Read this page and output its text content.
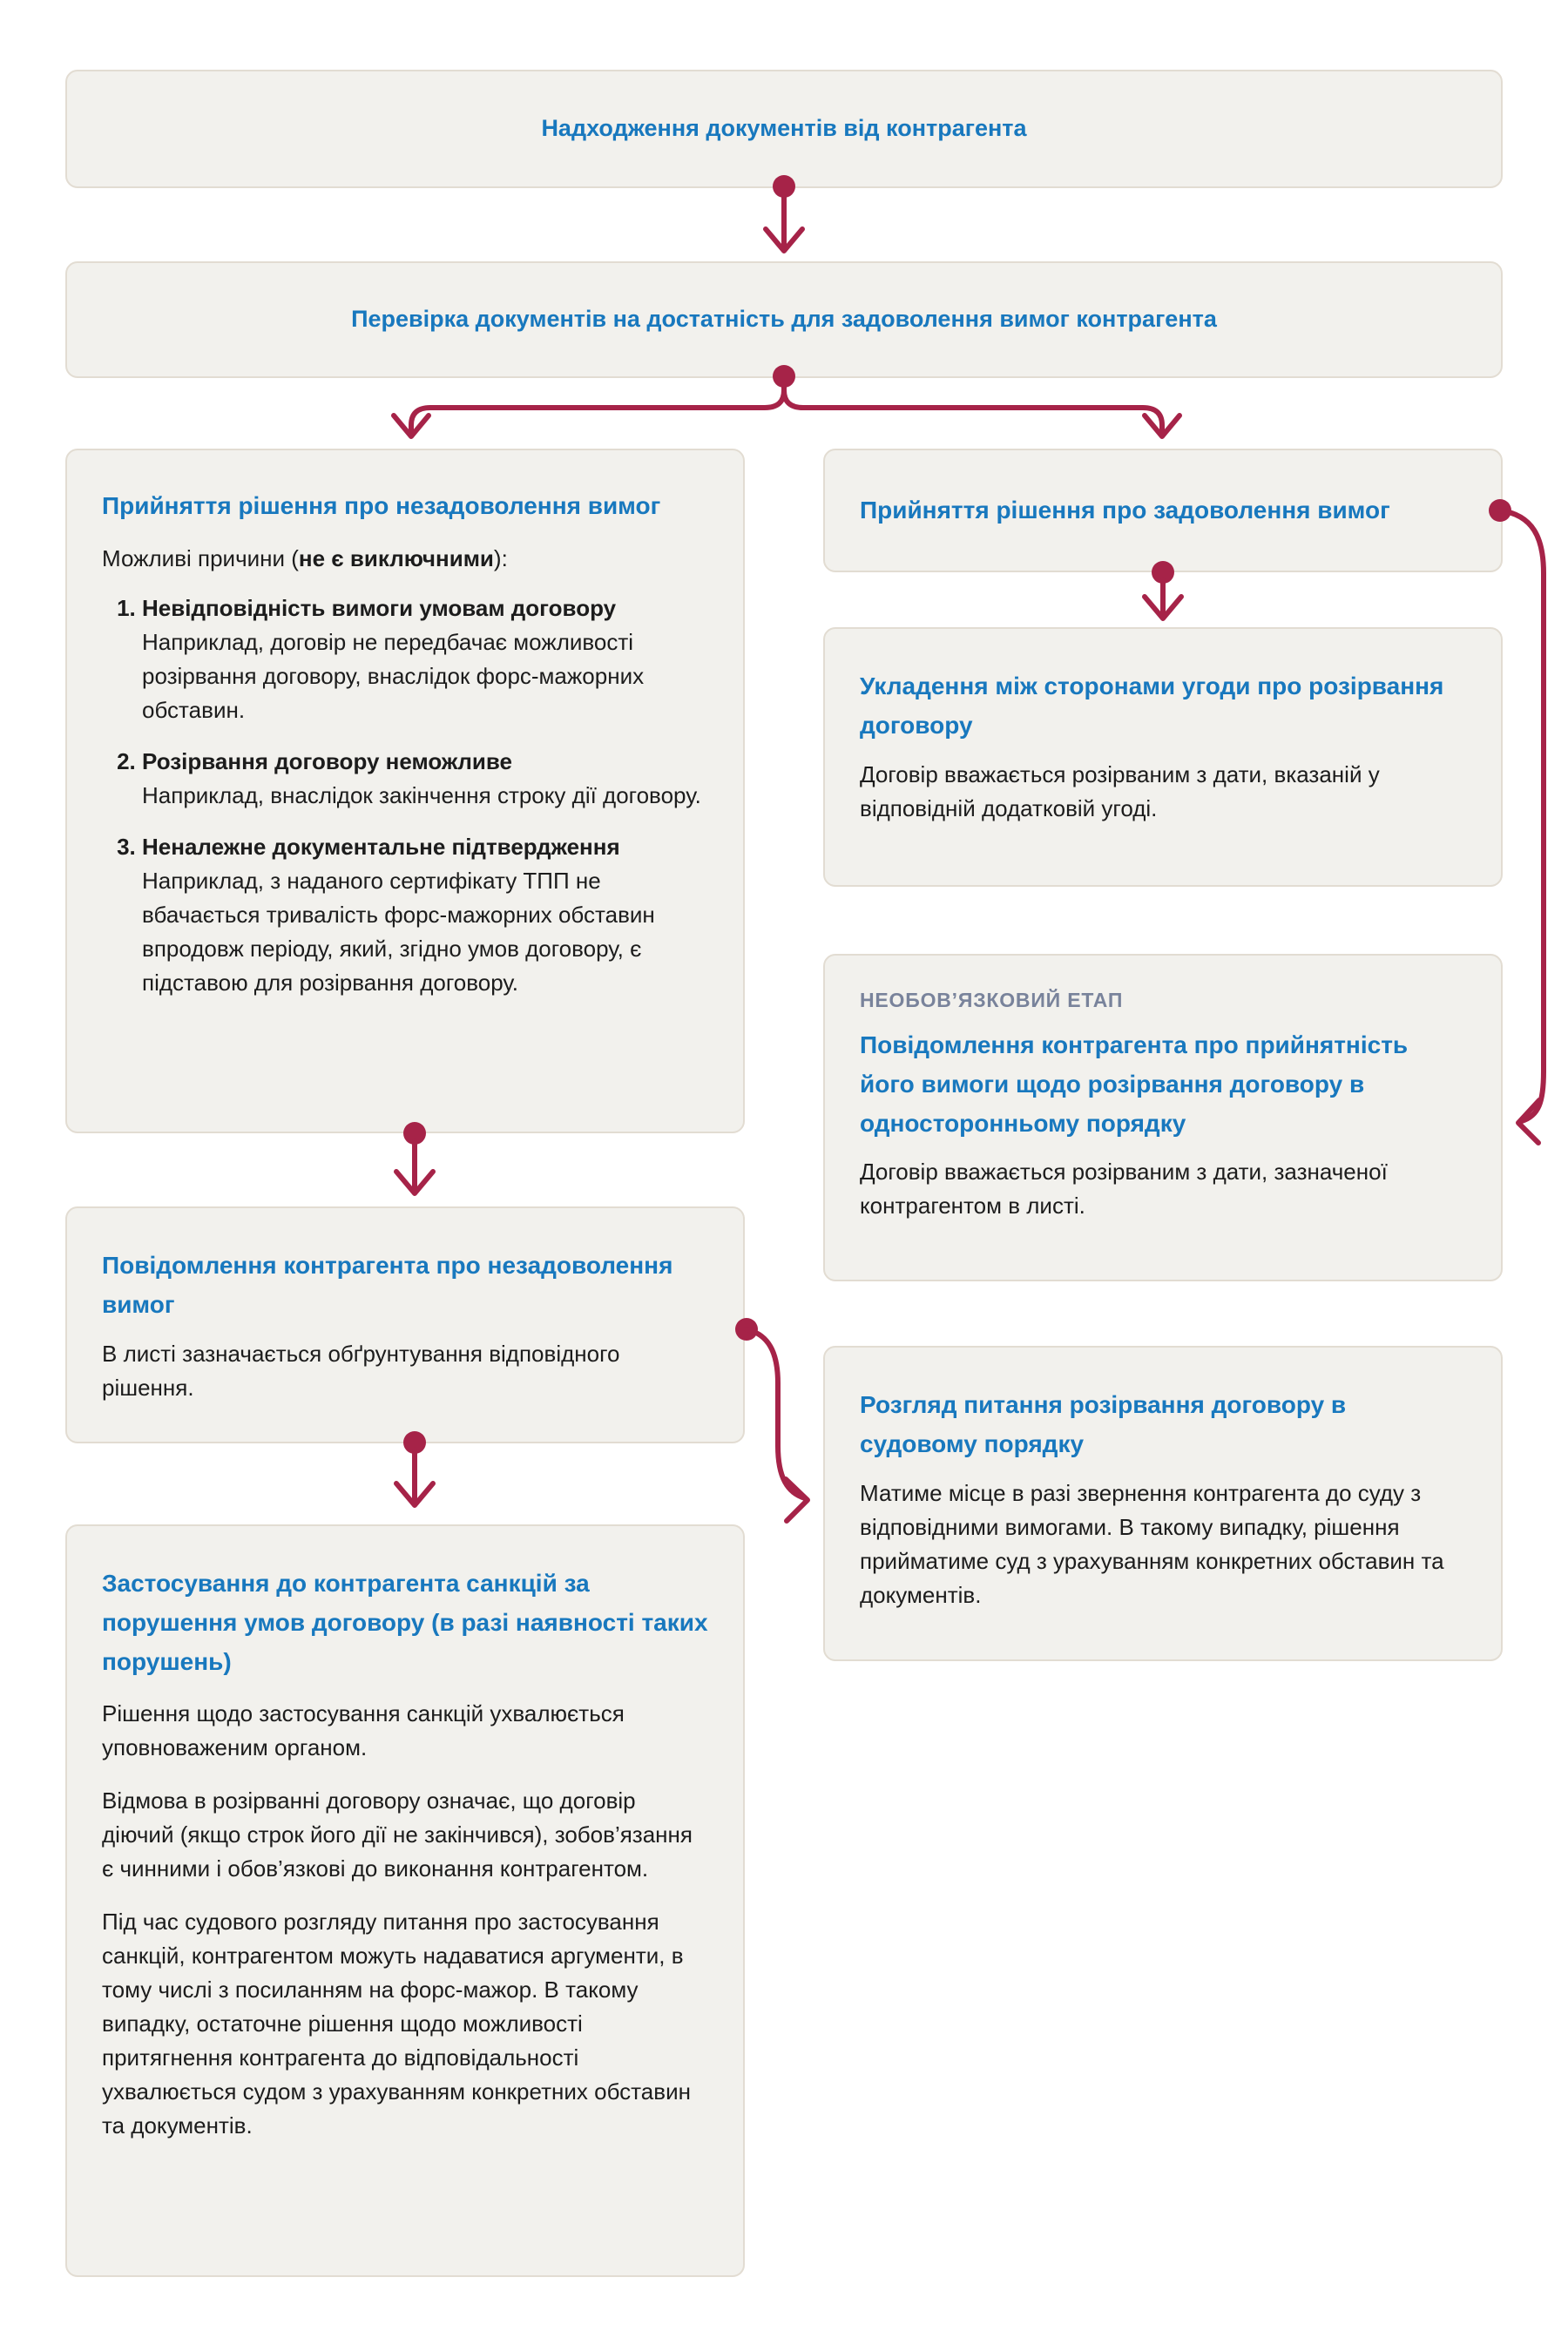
Надходження документів від контрагента
Перевірка документів на достатність для задоволення вимог контрагента
Прийняття рішення про незадоволення вимог

Можливі причини (не є виключними):

1. Невідповідність вимоги умовам договору
Наприклад, договір не передбачає можливості розірвання договору, внаслідок форс-мажорних обставин.
2. Розірвання договору неможливе
Наприклад, внаслідок закінчення строку дії договору.
3. Неналежне документальне підтвердження
Наприклад, з наданого сертифікату ТПП не вбачається тривалість форс-мажорних обставин впродовж періоду, який, згідно умов договору, є підставою для розірвання договору.
Прийняття рішення про задоволення вимог
Укладення між сторонами угоди про розірвання договору

Договір вважається розірваним з дати, вказаній у відповідній додатковій угоді.

НЕОБОВ’ЯЗКОВИЙ ЕТАП

Повідомлення контрагента про прийнятність його вимоги щодо розірвання договору в односторонньому порядку

Договір вважається розірваним з дати, зазначеної контрагентом в листі.

Повідомлення контрагента про незадоволення вимог

В листі зазначається обґрунтування відповідного рішення.

Розгляд питання розірвання договору в судовому порядку

Матиме місце в разі звернення контрагента до суду з відповідними вимогами. В такому випадку, рішення прийматиме суд з урахуванням конкретних обставин та документів.

Застосування до контрагента санкцій за порушення умов договору (в разі наявності таких порушень)

Рішення щодо застосування санкцій ухвалюється уповноваженим органом.

Відмова в розірванні договору означає, що договір діючий (якщо строк його дії не закінчився), зобов’язання є чинними і обов’язкові до виконання контрагентом.

Під час судового розгляду питання про застосування санкцій, контрагентом можуть надаватися аргументи, в тому числі з посиланням на форс-мажор. В такому випадку, остаточне рішення щодо можливості притягнення контрагента до відповідальності ухвалюється судом з урахуванням конкретних обставин та документів.
